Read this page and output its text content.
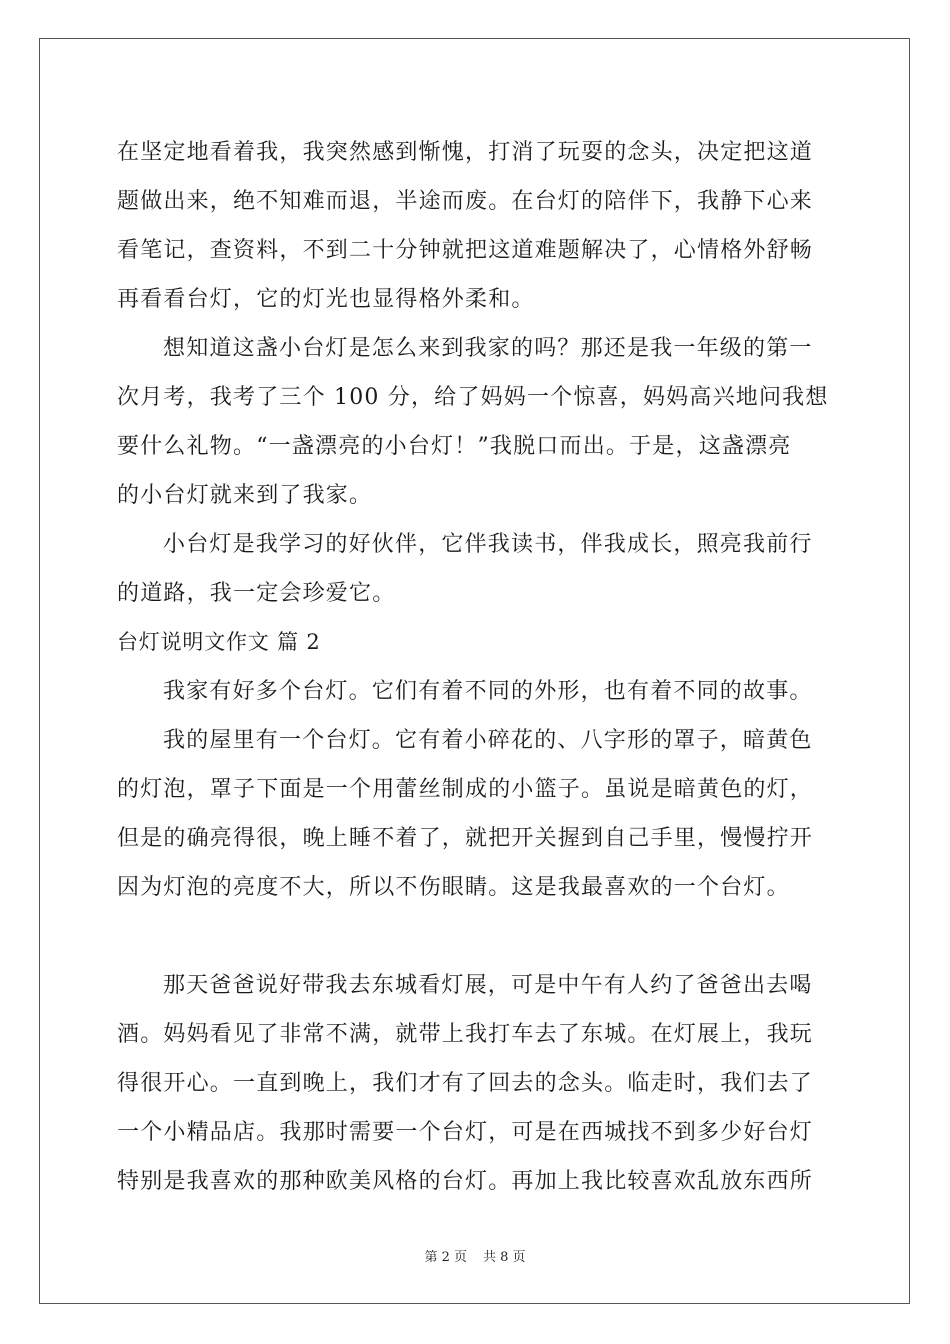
在坚定地看着我，我突然感到惭愧，打消了玩耍的念头，决定把这道
题做出来，绝不知难而退，半途而废。在台灯的陪伴下，我静下心来
看笔记，查资料，不到二十分钟就把这道难题解决了，心情格外舒畅
再看看台灯，它的灯光也显得格外柔和。
想知道这盏小台灯是怎么来到我家的吗？那还是我一年级的第一
次月考，我考了三个 100 分，给了妈妈一个惊喜，妈妈高兴地问我想
要什么礼物。“一盏漂亮的小台灯！”我脱口而出。于是，这盏漂亮
的小台灯就来到了我家。
小台灯是我学习的好伙伴，它伴我读书，伴我成长，照亮我前行
的道路，我一定会珍爱它。
台灯说明文作文 篇 2
我家有好多个台灯。它们有着不同的外形，也有着不同的故事。
我的屋里有一个台灯。它有着小碎花的、八字形的罩子，暗黄色
的灯泡，罩子下面是一个用蕾丝制成的小篮子。虽说是暗黄色的灯，
但是的确亮得很，晚上睡不着了，就把开关握到自己手里，慢慢拧开
因为灯泡的亮度不大，所以不伤眼睛。这是我最喜欢的一个台灯。
那天爸爸说好带我去东城看灯展，可是中午有人约了爸爸出去喝
酒。妈妈看见了非常不满，就带上我打车去了东城。在灯展上，我玩
得很开心。一直到晚上，我们才有了回去的念头。临走时，我们去了
一个小精品店。我那时需要一个台灯，可是在西城找不到多少好台灯
特别是我喜欢的那种欧美风格的台灯。再加上我比较喜欢乱放东西所
第 2 页 共 8 页
